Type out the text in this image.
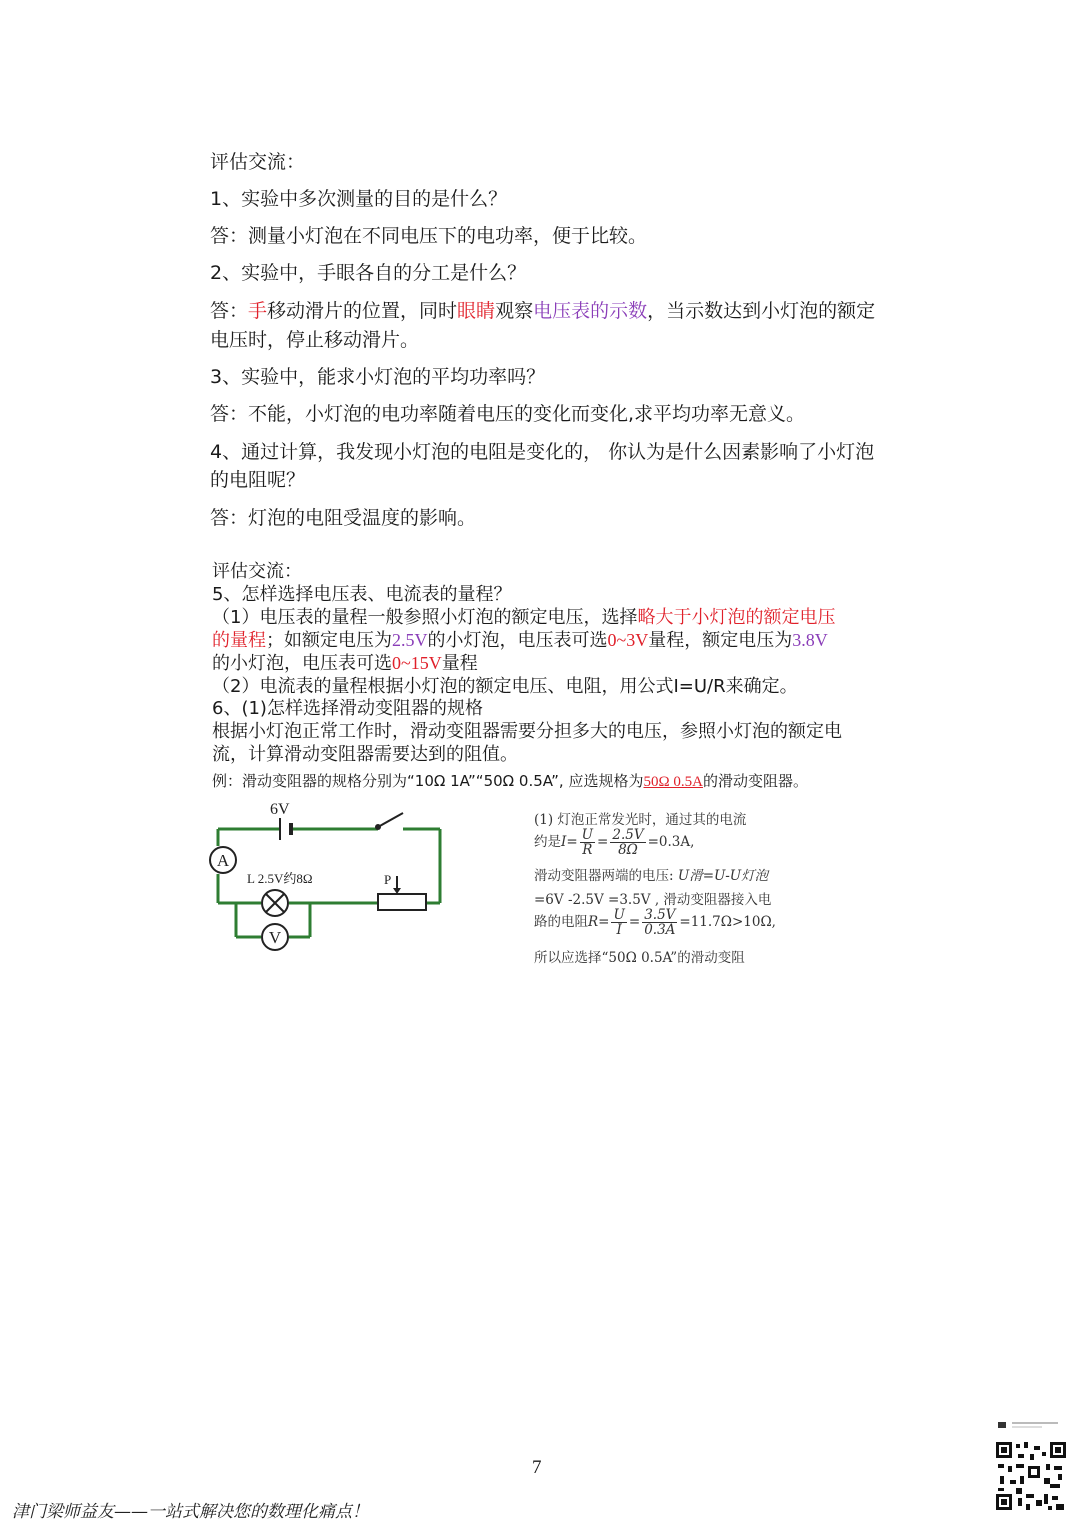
评估交流：
1、实验中多次测量的目的是什么？
答：测量小灯泡在不同电压下的电功率，便于比较。
2、实验中，手眼各自的分工是什么？
答：手移动滑片的位置，同时眼睛观察电压表的示数，当示数达到小灯泡的额定
电压时，停止移动滑片。
3、实验中，能求小灯泡的平均功率吗？
答：不能，小灯泡的电功率随着电压的变化而变化,求平均功率无意义。
4、通过计算，我发现小灯泡的电阻是变化的， 你认为是什么因素影响了小灯泡
的电阻呢？
答：灯泡的电阻受温度的影响。
评估交流：
5、怎样选择电压表、电流表的量程？
（1）电压表的量程一般参照小灯泡的额定电压，选择略大于小灯泡的额定电压
的量程；如额定电压为2.5V的小灯泡，电压表可选0~3V量程，额定电压为3.8V
的小灯泡，电压表可选0~15V量程
（2）电流表的量程根据小灯泡的额定电压、电阻，用公式I=U/R来确定。
6、(1)怎样选择滑动变阻器的规格
根据小灯泡正常工作时，滑动变阻器需要分担多大的电压，参照小灯泡的额定电
流，计算滑动变阻器需要达到的阻值。
例：滑动变阻器的规格分别为“10Ω 1A”“50Ω 0.5A”, 应选规格为50Ω 0.5A的滑动变阻器。
6V
A
L 2.5V约8Ω
V
P
(1) 灯泡正常发光时，通过其的电流
约是$I= \frac{U}{R} = \frac{2.5V}{8\Omega} =0.3A$,
滑动变阻器两端的电压: U滑=U-U灯泡
=6V -2.5V =3.5V , 滑动变阻器接入电
路的电阻$R= \frac{U}{I} = \frac{3.5V}{0.3A} =11.7\Omega>10\Omega$,
所以应选择“50Ω 0.5A”的滑动变阻
7
津门梁师益友——一站式解决您的数理化痛点！
